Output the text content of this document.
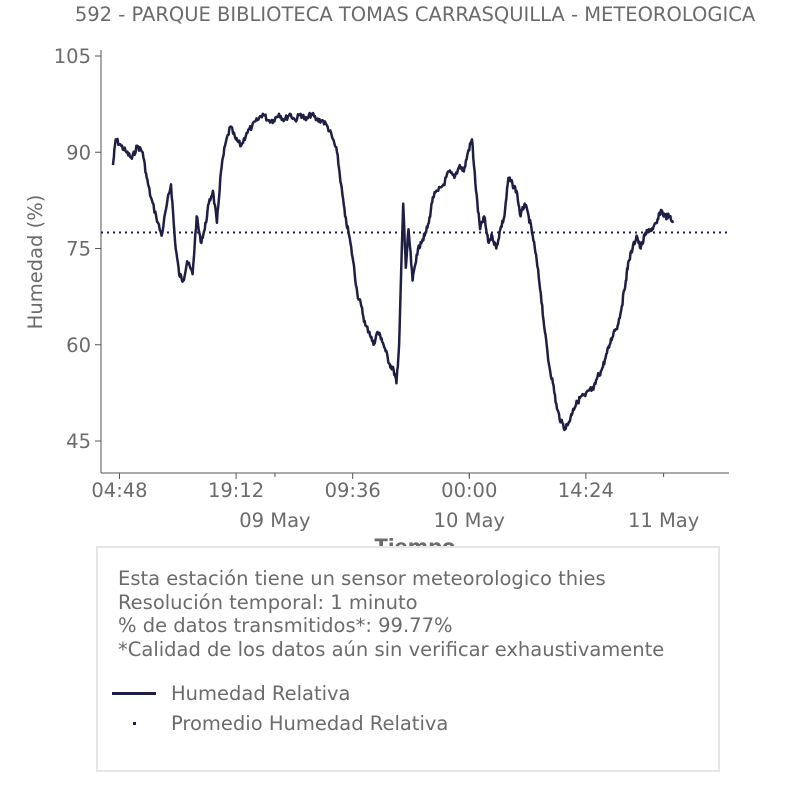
592 - PARQUE BIBLIOTECA TOMAS CARRASQUILLA - METEOROLOGICA
Humedad (%)
45
60
75
90
105
04:48	19:12	09:36	00:00	14:24
09 May	10 May	11 May
Esta estación tiene un sensor meteorologico thies
Resolución temporal: 1 minuto
% de datos transmitidos*: 99.77%
*Calidad de los datos aún sin verificar exhaustivamente
Humedad Relativa
Promedio Humedad Relativa
